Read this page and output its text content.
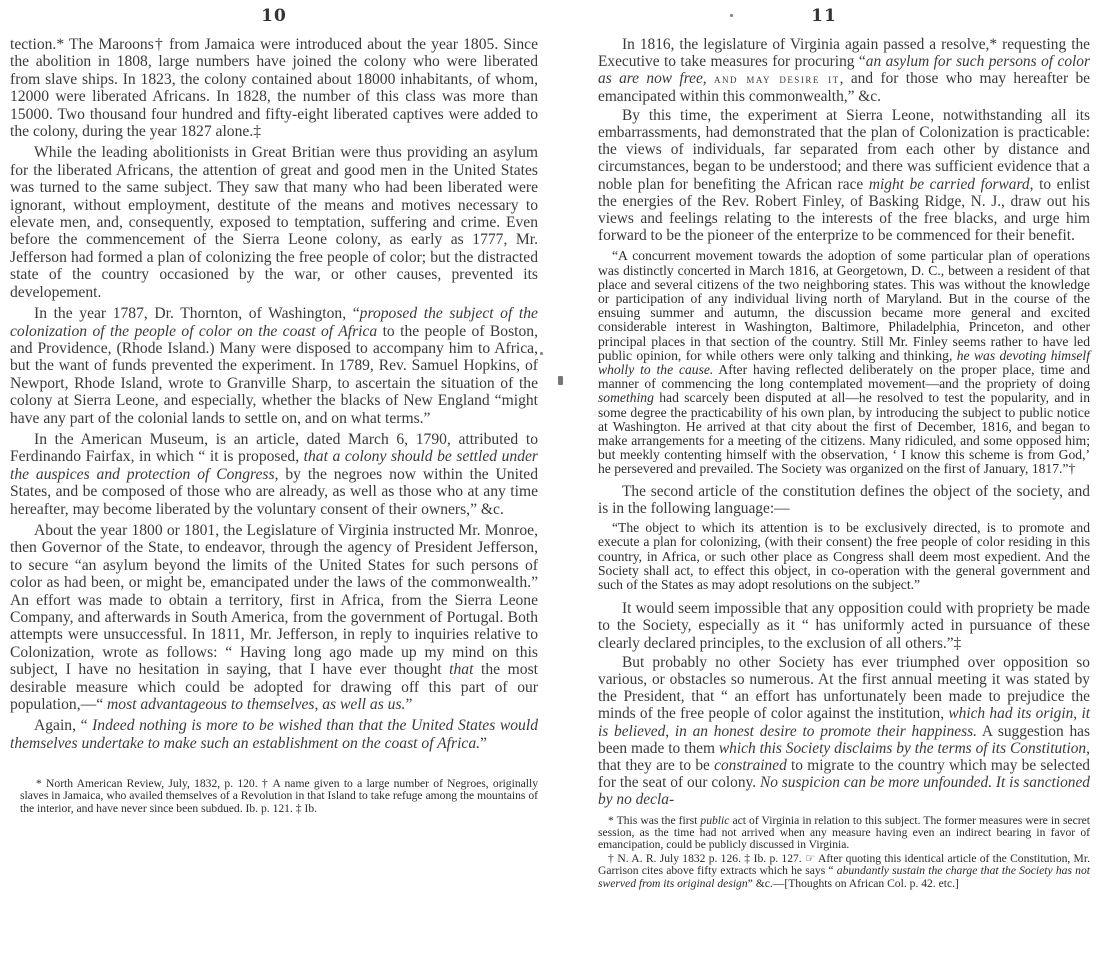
10

tection.* The Maroons† from Jamaica were introduced about the year 1805. Since the abolition in 1808, large numbers have joined the colony who were liberated from slave ships. In 1823, the colony contained about 18000 inhabitants, of whom, 12000 were liberated Africans. In 1828, the number of this class was more than 15000. Two thousand four hundred and fifty-eight liberated captives were added to the colony, during the year 1827 alone.‡

While the leading abolitionists in Great Britian were thus providing an asylum for the liberated Africans, the attention of great and good men in the United States was turned to the same subject. They saw that many who had been liberated were ignorant, without employment, destitute of the means and motives necessary to elevate men, and, consequently, exposed to temptation, suffering and crime. Even before the commencement of the Sierra Leone colony, as early as 1777, Mr. Jefferson had formed a plan of colonizing the free people of color; but the distracted state of the country occasioned by the war, or other causes, prevented its developement.

In the year 1787, Dr. Thornton, of Washington, “proposed the subject of the colonization of the people of color on the coast of Africa to the people of Boston, and Providence, (Rhode Island.) Many were disposed to accompany him to Africa, but the want of funds prevented the experiment. In 1789, Rev. Samuel Hopkins, of Newport, Rhode Island, wrote to Granville Sharp, to ascertain the situation of the colony at Sierra Leone, and especially, whether the blacks of New England “might have any part of the colonial lands to settle on, and on what terms.”

In the American Museum, is an article, dated March 6, 1790, attributed to Ferdinando Fairfax, in which “ it is proposed, that a colony should be settled under the auspices and protection of Congress, by the negroes now within the United States, and be composed of those who are already, as well as those who at any time hereafter, may become liberated by the voluntary consent of their owners,” &c.

About the year 1800 or 1801, the Legislature of Virginia instructed Mr. Monroe, then Governor of the State, to endeavor, through the agency of President Jefferson, to secure “an asylum beyond the limits of the United States for such persons of color as had been, or might be, emancipated under the laws of the commonwealth.” An effort was made to obtain a territory, first in Africa, from the Sierra Leone Company, and afterwards in South America, from the government of Portugal. Both attempts were unsuccessful. In 1811, Mr. Jefferson, in reply to inquiries relative to Colonization, wrote as follows: “ Having long ago made up my mind on this subject, I have no hesitation in saying, that I have ever thought that the most desirable measure which could be adopted for drawing off this part of our population,—“ most advantageous to themselves, as well as us.”

Again, “ Indeed nothing is more to be wished than that the United States would themselves undertake to make such an establishment on the coast of Africa.”

* North American Review, July, 1832, p. 120. † A name given to a large number of Negroes, originally slaves in Jamaica, who availed themselves of a Revolution in that Island to take refuge among the mountains of the interior, and have never since been subdued. Ib. p. 121. ‡ Ib.

11

In 1816, the legislature of Virginia again passed a resolve,* requesting the Executive to take measures for procuring “an asylum for such persons of color as are now free, and may desire it, and for those who may hereafter be emancipated within this commonwealth,” &c.

By this time, the experiment at Sierra Leone, notwithstanding all its embarrassments, had demonstrated that the plan of Colonization is practicable: the views of individuals, far separated from each other by distance and circumstances, began to be understood; and there was sufficient evidence that a noble plan for benefiting the African race might be carried forward, to enlist the energies of the Rev. Robert Finley, of Basking Ridge, N. J., draw out his views and feelings relating to the interests of the free blacks, and urge him forward to be the pioneer of the enterprize to be commenced for their benefit.

“A concurrent movement towards the adoption of some particular plan of operations was distinctly concerted in March 1816, at Georgetown, D. C., between a resident of that place and several citizens of the two neighboring states. This was without the knowledge or participation of any individual living north of Maryland. But in the course of the ensuing summer and autumn, the discussion became more general and excited considerable interest in Washington, Baltimore, Philadelphia, Princeton, and other principal places in that section of the country. Still Mr. Finley seems rather to have led public opinion, for while others were only talking and thinking, he was devoting himself wholly to the cause. After having reflected deliberately on the proper place, time and manner of commencing the long contemplated movement—and the propriety of doing something had scarcely been disputed at all—he resolved to test the popularity, and in some degree the practicability of his own plan, by introducing the subject to public notice at Washington. He arrived at that city about the first of December, 1816, and began to make arrangements for a meeting of the citizens. Many ridiculed, and some opposed him; but meekly contenting himself with the observation, ‘ I know this scheme is from God,’ he persevered and prevailed. The Society was organized on the first of January, 1817.”†

The second article of the constitution defines the object of the society, and is in the following language:—

“The object to which its attention is to be exclusively directed, is to promote and execute a plan for colonizing, (with their consent) the free people of color residing in this country, in Africa, or such other place as Congress shall deem most expedient. And the Society shall act, to effect this object, in co-operation with the general government and such of the States as may adopt resolutions on the subject.”

It would seem impossible that any opposition could with propriety be made to the Society, especially as it “ has uniformly acted in pursuance of these clearly declared principles, to the exclusion of all others.”‡

But probably no other Society has ever triumphed over opposition so various, or obstacles so numerous. At the first annual meeting it was stated by the President, that “ an effort has unfortunately been made to prejudice the minds of the free people of color against the institution, which had its origin, it is believed, in an honest desire to promote their happiness. A suggestion has been made to them which this Society disclaims by the terms of its Constitution, that they are to be constrained to migrate to the country which may be selected for the seat of our colony. No suspicion can be more unfounded. It is sanctioned by no decla-

* This was the first public act of Virginia in relation to this subject. The former measures were in secret session, as the time had not arrived when any measure having even an indirect bearing in favor of emancipation, could be publicly discussed in Virginia.

† N. A. R. July 1832 p. 126. ‡ Ib. p. 127. ☞ After quoting this identical article of the Constitution, Mr. Garrison cites above fifty extracts which he says “ abundantly sustain the charge that the Society has not swerved from its original design” &c.—[Thoughts on African Col. p. 42. etc.]
